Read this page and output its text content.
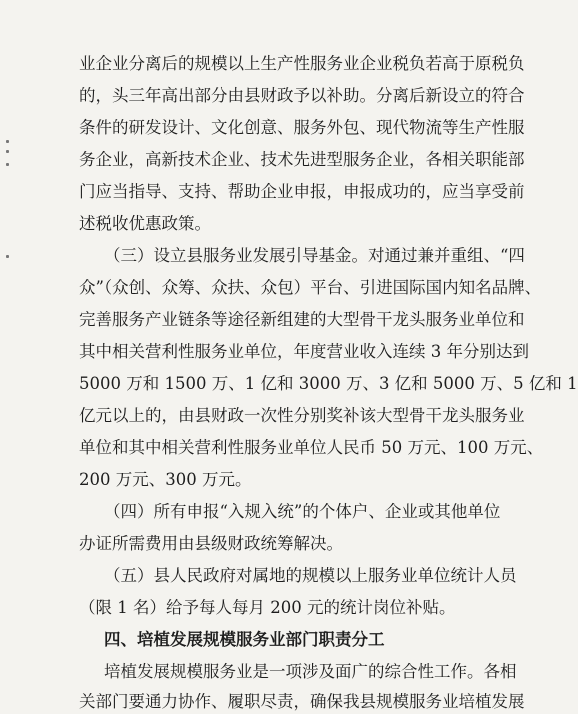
业企业分离后的规模以上生产性服务业企业税负若高于原税负
的，头三年高出部分由县财政予以补助。分离后新设立的符合
条件的研发设计、文化创意、服务外包、现代物流等生产性服
务企业，高新技术企业、技术先进型服务企业，各相关职能部
门应当指导、支持、帮助企业申报，申报成功的，应当享受前
述税收优惠政策。
（三）设立县服务业发展引导基金。对通过兼并重组、“四
众”（众创、众筹、众扶、众包）平台、引进国际国内知名品牌、
完善服务产业链条等途径新组建的大型骨干龙头服务业单位和
其中相关营利性服务业单位，年度营业收入连续 3 年分别达到
5000 万和 1500 万、1 亿和 3000 万、3 亿和 5000 万、5 亿和 1
亿元以上的，由县财政一次性分别奖补该大型骨干龙头服务业
单位和其中相关营利性服务业单位人民币 50 万元、100 万元、
200 万元、300 万元。
（四）所有申报“入规入统”的个体户、企业或其他单位
办证所需费用由县级财政统筹解决。
（五）县人民政府对属地的规模以上服务业单位统计人员
（限 1 名）给予每人每月 200 元的统计岗位补贴。
四、培植发展规模服务业部门职责分工
培植发展规模服务业是一项涉及面广的综合性工作。各相
关部门要通力协作、履职尽责，确保我县规模服务业培植发展
